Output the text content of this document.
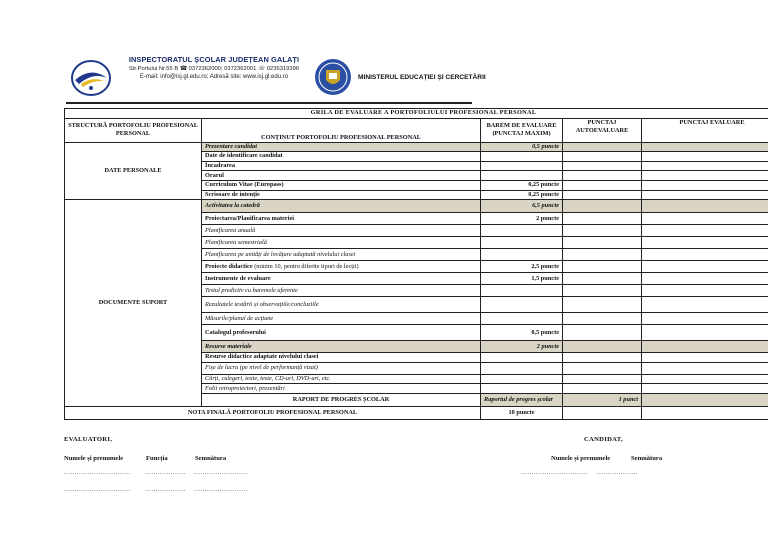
INSPECTORATUL ȘCOLAR JUDEȚEAN GALAȚI
Str.Portului Nr.55 B ☎ 0372362000; 0372362001 ☏ 0236319396
E-mail: info@isj.gl.edu.ro; Adresă site: www.isj.gl.edu.ro	MINISTERUL EDUCAȚIEI ȘI CERCETĂRII
GRILA DE EVALUARE A PORTOFOLIULUI PROFESIONAL PERSONAL					
STRUCTURĂ PORTOFOLIU PROFESIONAL PERSONAL	CONȚINUT PORTOFOLIU PROFESIONAL PERSONAL	BAREM DE EVALUARE (PUNCTAJ MAXIM)	PUNCTAJ AUTOEVALUARE	PUNCTAJ EVALUARE	
DATE PERSONALE	Prezentare candidat	0,5 puncte			
	Date de identificare candidat				
	Încadrarea				
	Orarul				
	Curriculum Vitae (Europass)	0,25 puncte			
	Scrisoare de intenție	0,25 puncte			
DOCUMENTE SUPORT	Activitatea la catedră	6,5 puncte			
	Proiectarea/Planificarea materiei	2 puncte			
	Planificarea anuală				
	Planificarea semestrială				
	Planificarea pe unități de învățare adaptată nivelului clasei				
	Proiecte didactice (minim 10, pentru diferite tipuri de lecții)	2,5 puncte			
	Instrumente de evaluare	1,5 puncte			
	Testul predictiv cu baremele aferente				
	Rezultatele testării și observațiile/concluziile				
	Măsurile/planul de acțiune				
	Catalogul profesorului	0,5 puncte			
	Resurse materiale	2 puncte			
	Resurse didactice adaptate nivelului clasei				
	Fișe de lucru (pe nivel de performanță vizat)				
	Cărți, culegeri, texte, teste, CD-uri, DVD-uri, etc.				
	Folii retroproiectori, prezentări				
	RAPORT DE PROGRES ȘCOLAR	Raportul de progres școlar	1 punct		
NOTA FINALĂ PORTOFOLIU PROFESIONAL PERSONAL		10 puncte			
EVALUATORI,	CANDIDAT,
Numele și prenumele	Funcția	Semnătura	Numele și prenumele	Semnătura
............................... ................... .........................	............................... ...................
............................... ................... .........................
